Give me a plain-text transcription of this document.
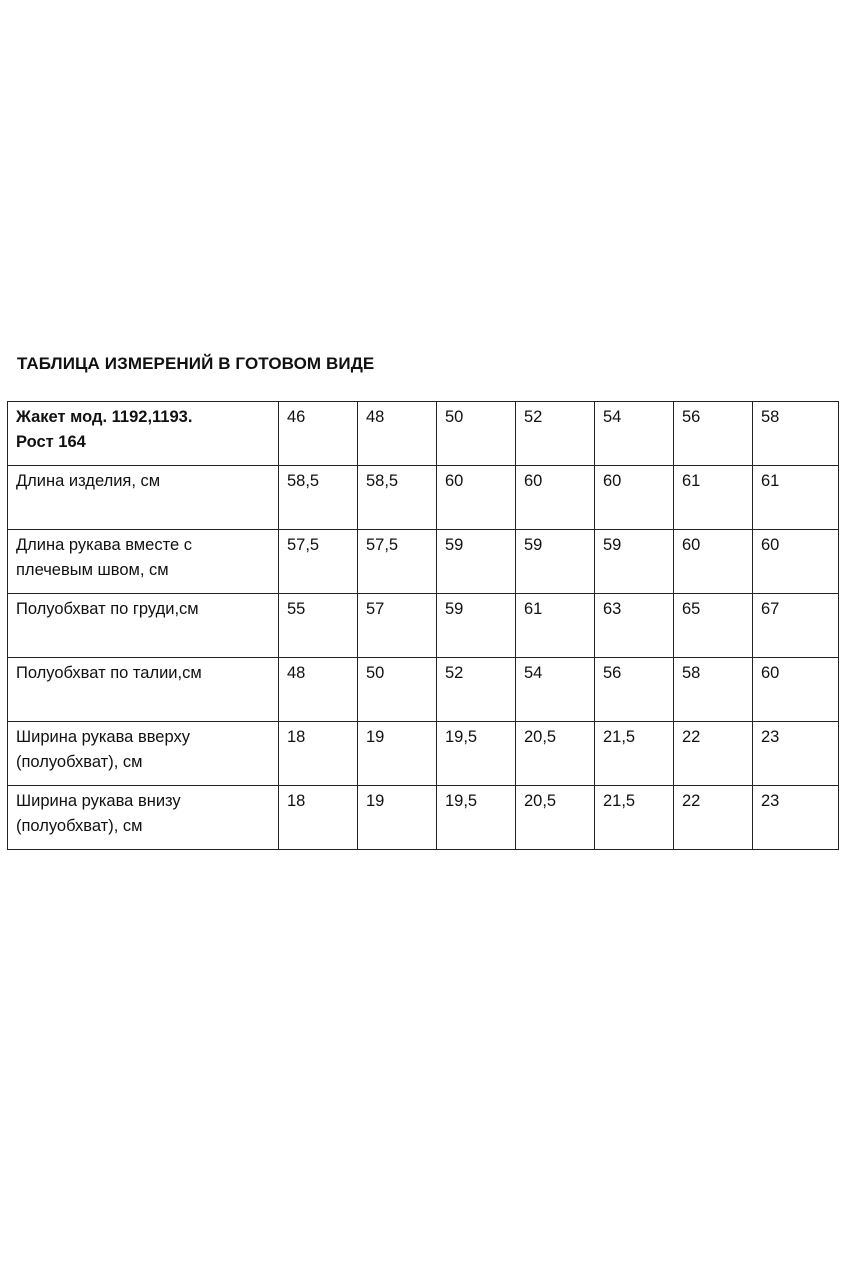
ТАБЛИЦА ИЗМЕРЕНИЙ В ГОТОВОМ ВИДЕ
Жакет мод. 1192,1193.
Рост 164	46	48	50	52	54	56	58

Длина изделия, см	58,5	58,5	60	60	60	61	61

Длина рукава вместе с
плечевым швом, см	57,5	57,5	59	59	59	60	60

Полуобхват по груди,см	55	57	59	61	63	65	67

Полуобхват по талии,см	48	50	52	54	56	58	60

Ширина рукава вверху
(полуобхват), см	18	19	19,5	20,5	21,5	22	23

Ширина рукава внизу
(полуобхват), см	18	19	19,5	20,5	21,5	22	23
